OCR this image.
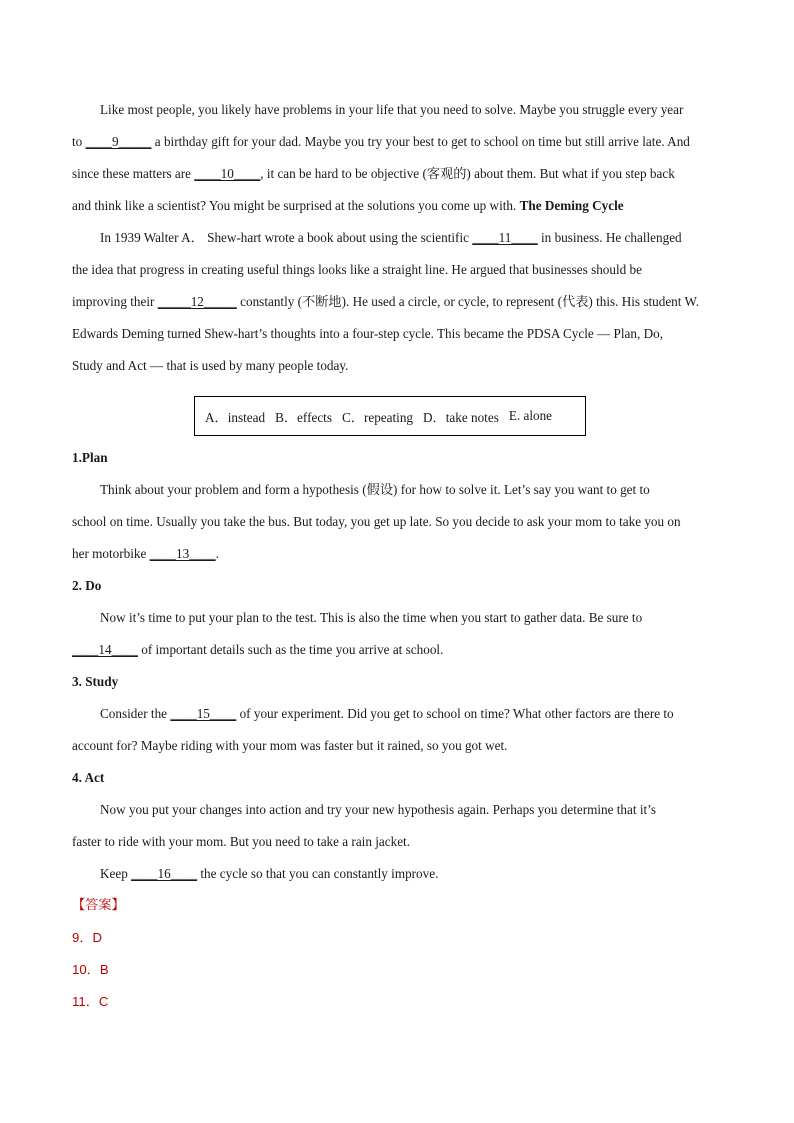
Like most people, you likely have problems in your life that you need to solve. Maybe you struggle every year
to ____9_____ a birthday gift for your dad. Maybe you try your best to get to school on time but still arrive late. And
since these matters are ____10____, it can be hard to be objective (客观的) about them. But what if you step back
and think like a scientist? You might be surprised at the solutions you come up with. The Deming Cycle
In 1939 Walter A． Shew-hart wrote a book about using the scientific ____11____ in business. He challenged
the idea that progress in creating useful things looks like a straight line. He argued that businesses should be
improving their _____12_____ constantly (不断地). He used a circle, or cycle, to represent (代表) this. His student W.
Edwards Deming turned Shew-hart’s thoughts into a four-step cycle. This became the PDSA Cycle — Plan, Do,
Study and Act — that is used by many people today.
A．instead B．effects C．repeating D．take notes E. alone
1.Plan
Think about your problem and form a hypothesis (假设) for how to solve it. Let’s say you want to get to
school on time. Usually you take the bus. But today, you get up late. So you decide to ask your mom to take you on
her motorbike ____13____.
2. Do
Now it’s time to put your plan to the test. This is also the time when you start to gather data. Be sure to
____14____ of important details such as the time you arrive at school.
3. Study
Consider the ____15____ of your experiment. Did you get to school on time? What other factors are there to
account for? Maybe riding with your mom was faster but it rained, so you got wet.
4. Act
Now you put your changes into action and try your new hypothesis again. Perhaps you determine that it’s
faster to ride with your mom. But you need to take a rain jacket.
Keep ____16____ the cycle so that you can constantly improve.
【答案】
9．D
10．B
11．C
